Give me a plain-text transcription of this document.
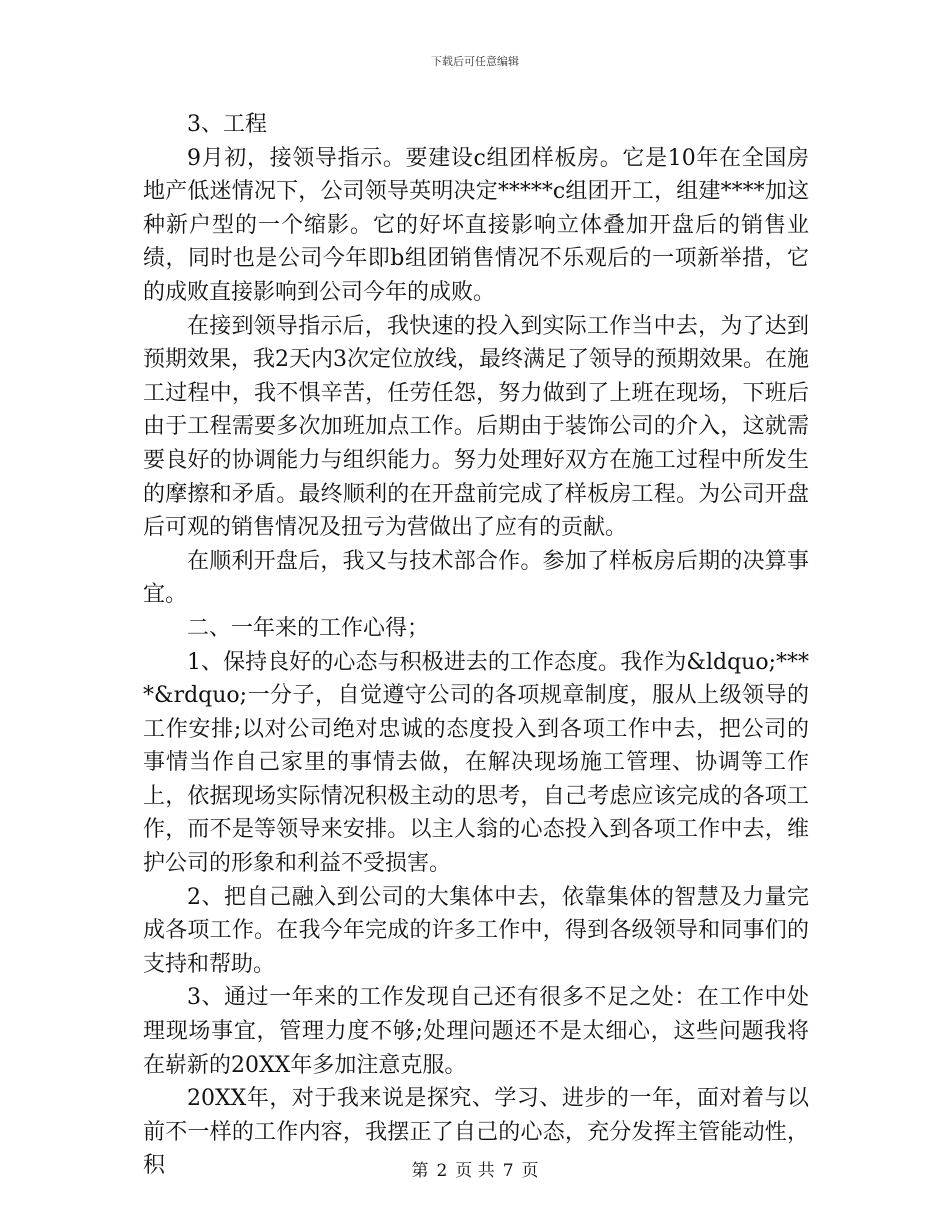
下载后可任意编辑

3、工程

9月初，接领导指示。要建设c组团样板房。它是10年在全国房地产低迷情况下，公司领导英明决定*****c组团开工，组建****加这种新户型的一个缩影。它的好坏直接影响立体叠加开盘后的销售业绩，同时也是公司今年即b组团销售情况不乐观后的一项新举措，它的成败直接影响到公司今年的成败。

在接到领导指示后，我快速的投入到实际工作当中去，为了达到预期效果，我2天内3次定位放线，最终满足了领导的预期效果。在施工过程中，我不惧辛苦，任劳任怨，努力做到了上班在现场，下班后由于工程需要多次加班加点工作。后期由于装饰公司的介入，这就需要良好的协调能力与组织能力。努力处理好双方在施工过程中所发生的摩擦和矛盾。最终顺利的在开盘前完成了样板房工程。为公司开盘后可观的销售情况及扭亏为营做出了应有的贡献。

在顺利开盘后，我又与技术部合作。参加了样板房后期的决算事宜。

二、一年来的工作心得；

1、保持良好的心态与积极进去的工作态度。我作为&ldquo;****&rdquo;一分子，自觉遵守公司的各项规章制度，服从上级领导的工作安排;以对公司绝对忠诚的态度投入到各项工作中去，把公司的事情当作自己家里的事情去做，在解决现场施工管理、协调等工作上，依据现场实际情况积极主动的思考，自己考虑应该完成的各项工作，而不是等领导来安排。以主人翁的心态投入到各项工作中去，维护公司的形象和利益不受损害。

2、把自己融入到公司的大集体中去，依靠集体的智慧及力量完成各项工作。在我今年完成的许多工作中，得到各级领导和同事们的支持和帮助。

3、通过一年来的工作发现自己还有很多不足之处：在工作中处理现场事宜，管理力度不够;处理问题还不是太细心，这些问题我将在崭新的20XX年多加注意克服。

20XX年，对于我来说是探究、学习、进步的一年，面对着与以前不一样的工作内容，我摆正了自己的心态，充分发挥主管能动性，积	第 2 页 共 7 页
